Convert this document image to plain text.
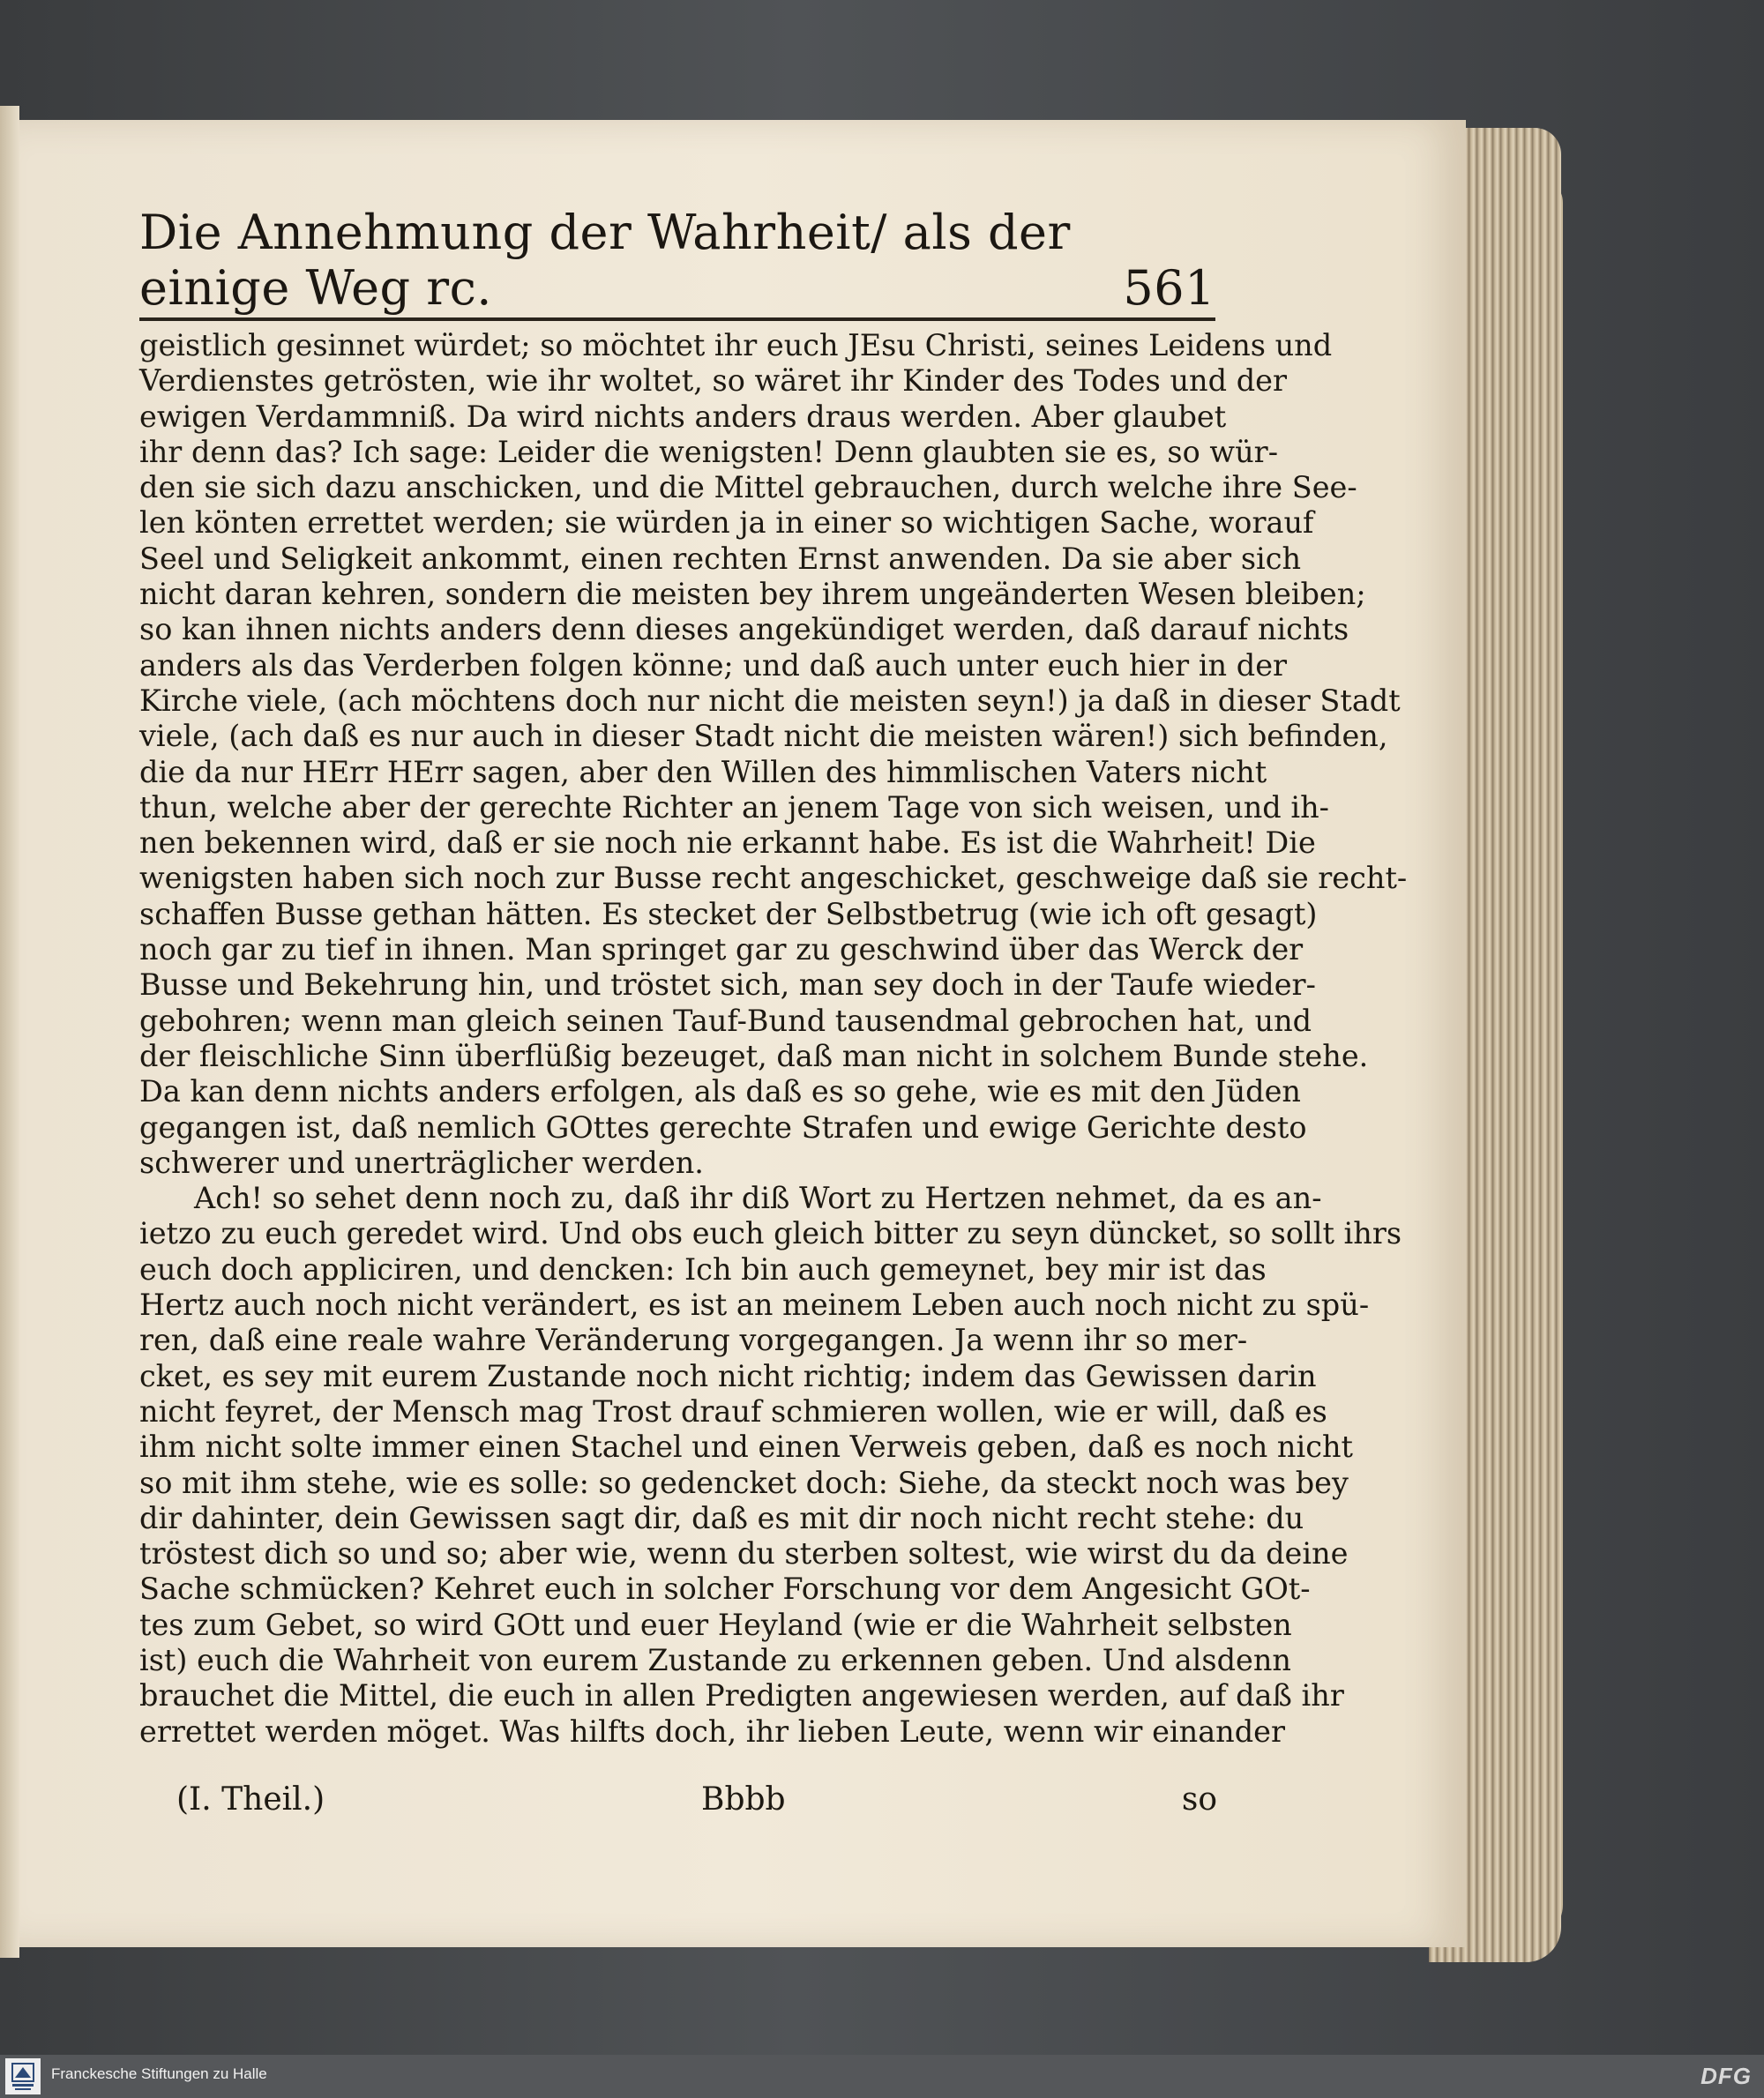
Die Annehmung der Wahrheit/ als der einige Weg rc.	561
geistlich gesinnet würdet; so möchtet ihr euch JEsu Christi, seines Leidens und
Verdienstes getrösten, wie ihr woltet, so wäret ihr Kinder des Todes und der
ewigen Verdammniß. Da wird nichts anders draus werden. Aber glaubet
ihr denn das? Ich sage: Leider die wenigsten! Denn glaubten sie es, so wür-
den sie sich dazu anschicken, und die Mittel gebrauchen, durch welche ihre See-
len könten errettet werden; sie würden ja in einer so wichtigen Sache, worauf
Seel und Seligkeit ankommt, einen rechten Ernst anwenden. Da sie aber sich
nicht daran kehren, sondern die meisten bey ihrem ungeänderten Wesen bleiben;
so kan ihnen nichts anders denn dieses angekündiget werden, daß darauf nichts
anders als das Verderben folgen könne; und daß auch unter euch hier in der
Kirche viele, (ach möchtens doch nur nicht die meisten seyn!) ja daß in dieser Stadt
viele, (ach daß es nur auch in dieser Stadt nicht die meisten wären!) sich befinden,
die da nur HErr HErr sagen, aber den Willen des himmlischen Vaters nicht
thun, welche aber der gerechte Richter an jenem Tage von sich weisen, und ih-
nen bekennen wird, daß er sie noch nie erkannt habe. Es ist die Wahrheit! Die
wenigsten haben sich noch zur Busse recht angeschicket, geschweige daß sie recht-
schaffen Busse gethan hätten. Es stecket der Selbstbetrug (wie ich oft gesagt)
noch gar zu tief in ihnen. Man springet gar zu geschwind über das Werck der
Busse und Bekehrung hin, und tröstet sich, man sey doch in der Taufe wieder-
gebohren; wenn man gleich seinen Tauf-Bund tausendmal gebrochen hat, und
der fleischliche Sinn überflüßig bezeuget, daß man nicht in solchem Bunde stehe.
Da kan denn nichts anders erfolgen, als daß es so gehe, wie es mit den Jüden
gegangen ist, daß nemlich GOttes gerechte Strafen und ewige Gerichte desto
schwerer und unerträglicher werden.
Ach! so sehet denn noch zu, daß ihr diß Wort zu Hertzen nehmet, da es an-
ietzo zu euch geredet wird. Und obs euch gleich bitter zu seyn düncket, so sollt ihrs
euch doch appliciren, und dencken: Ich bin auch gemeynet, bey mir ist das
Hertz auch noch nicht verändert, es ist an meinem Leben auch noch nicht zu spü-
ren, daß eine reale wahre Veränderung vorgegangen. Ja wenn ihr so mer-
cket, es sey mit eurem Zustande noch nicht richtig; indem das Gewissen darin
nicht feyret, der Mensch mag Trost drauf schmieren wollen, wie er will, daß es
ihm nicht solte immer einen Stachel und einen Verweis geben, daß es noch nicht
so mit ihm stehe, wie es solle: so gedencket doch: Siehe, da steckt noch was bey
dir dahinter, dein Gewissen sagt dir, daß es mit dir noch nicht recht stehe: du
tröstest dich so und so; aber wie, wenn du sterben soltest, wie wirst du da deine
Sache schmücken? Kehret euch in solcher Forschung vor dem Angesicht GOt-
tes zum Gebet, so wird GOtt und euer Heyland (wie er die Wahrheit selbsten
ist) euch die Wahrheit von eurem Zustande zu erkennen geben. Und alsdenn
brauchet die Mittel, die euch in allen Predigten angewiesen werden, auf daß ihr
errettet werden möget. Was hilfts doch, ihr lieben Leute, wenn wir einander
(I. Theil.)	Bbbb	so
Franckesche Stiftungen zu Halle	DFG
